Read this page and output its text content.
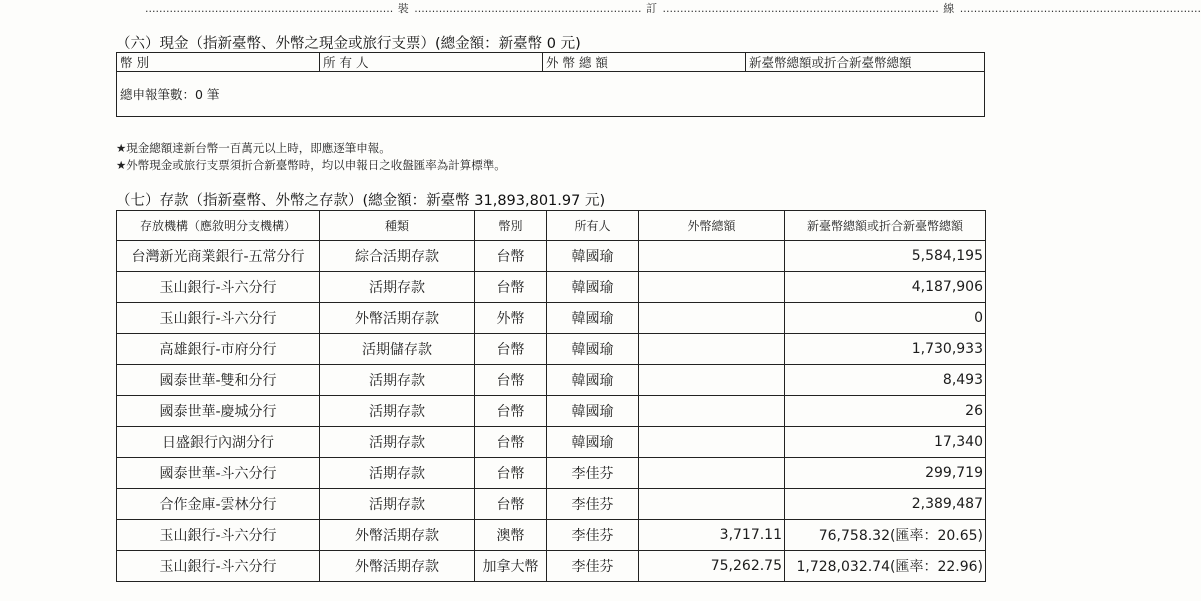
....................................................................... 裝 ................................................................. 訂 ............................................................................... 線 .....................................................................
（六）現金（指新臺幣、外幣之現金或旅行支票）(總金額：新臺幣 0 元)
幣 別	所 有 人	外 幣 總 額	新臺幣總額或折合新臺幣總額
總申報筆數：0 筆
★現金總額達新台幣一百萬元以上時，即應逐筆申報。
★外幣現金或旅行支票須折合新臺幣時，均以申報日之收盤匯率為計算標準。
（七）存款（指新臺幣、外幣之存款）(總金額：新臺幣 31,893,801.97 元)
存放機構（應敘明分支機構）	種類	幣別	所有人	外幣總額	新臺幣總額或折合新臺幣總額
台灣新光商業銀行-五常分行	綜合活期存款	台幣	韓國瑜		5,584,195
玉山銀行-斗六分行	活期存款	台幣	韓國瑜		4,187,906
玉山銀行-斗六分行	外幣活期存款	外幣	韓國瑜		0
高雄銀行-市府分行	活期儲存款	台幣	韓國瑜		1,730,933
國泰世華-雙和分行	活期存款	台幣	韓國瑜		8,493
國泰世華-慶城分行	活期存款	台幣	韓國瑜		26
日盛銀行內湖分行	活期存款	台幣	韓國瑜		17,340
國泰世華-斗六分行	活期存款	台幣	李佳芬		299,719
合作金庫-雲林分行	活期存款	台幣	李佳芬		2,389,487
玉山銀行-斗六分行	外幣活期存款	澳幣	李佳芬	3,717.11	76,758.32(匯率：20.65)
玉山銀行-斗六分行	外幣活期存款	加拿大幣	李佳芬	75,262.75	1,728,032.74(匯率：22.96)
